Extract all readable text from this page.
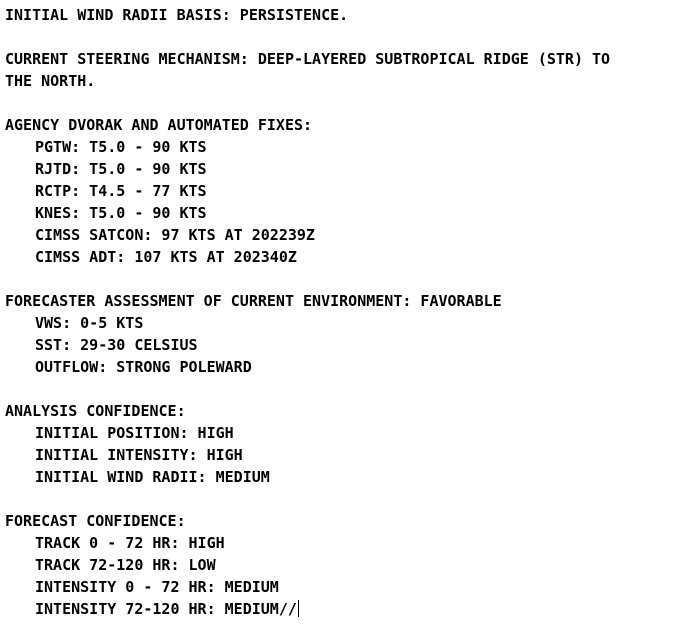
INITIAL WIND RADII BASIS: PERSISTENCE.
CURRENT STEERING MECHANISM: DEEP-LAYERED SUBTROPICAL RIDGE (STR) TO
THE NORTH.
AGENCY DVORAK AND AUTOMATED FIXES:
PGTW: T5.0 - 90 KTS
RJTD: T5.0 - 90 KTS
RCTP: T4.5 - 77 KTS
KNES: T5.0 - 90 KTS
CIMSS SATCON: 97 KTS AT 202239Z
CIMSS ADT: 107 KTS AT 202340Z
FORECASTER ASSESSMENT OF CURRENT ENVIRONMENT: FAVORABLE
VWS: 0-5 KTS
SST: 29-30 CELSIUS
OUTFLOW: STRONG POLEWARD
ANALYSIS CONFIDENCE:
INITIAL POSITION: HIGH
INITIAL INTENSITY: HIGH
INITIAL WIND RADII: MEDIUM
FORECAST CONFIDENCE:
TRACK 0 - 72 HR: HIGH
TRACK 72-120 HR: LOW
INTENSITY 0 - 72 HR: MEDIUM
INTENSITY 72-120 HR: MEDIUM//
